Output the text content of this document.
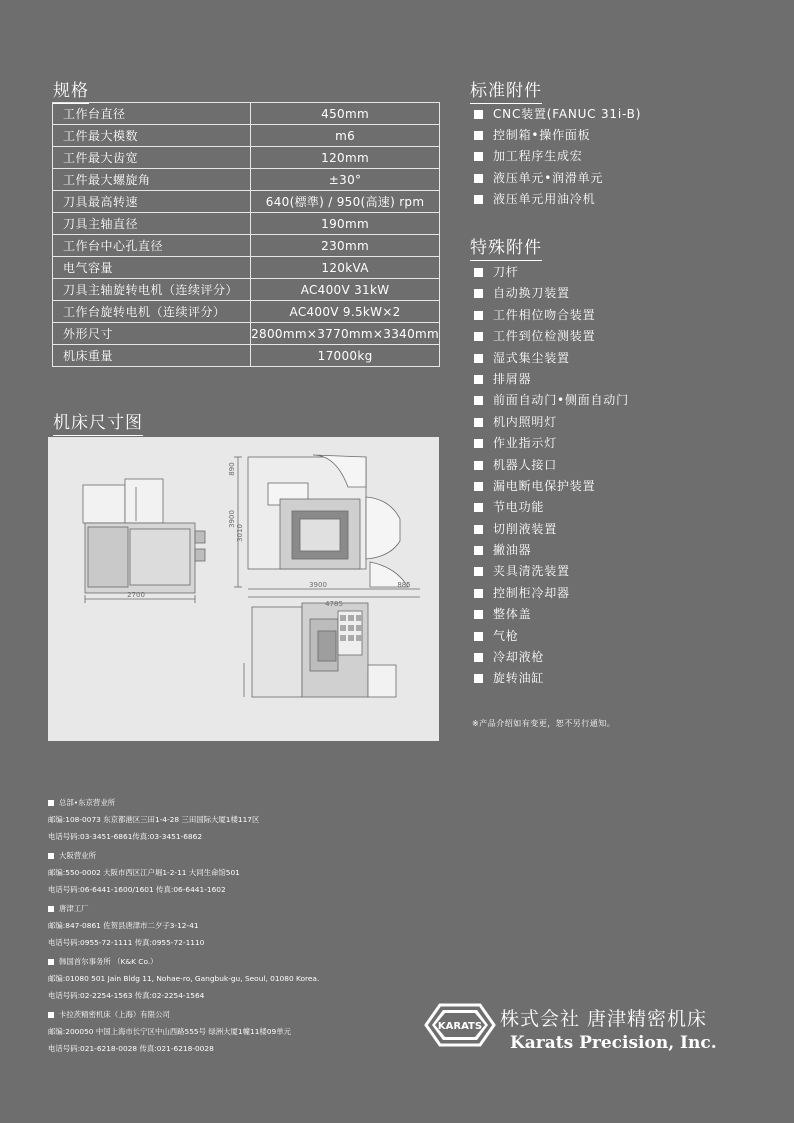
规格
工作台直径	450mm
工件最大模数	m6
工件最大齿宽	120mm
工件最大螺旋角	±30°
刀具最高转速	640(標準) / 950(高速) rpm
刀具主轴直径	190mm
工作台中心孔直径	230mm
电气容量	120kVA
刀具主轴旋转电机（连续评分）	AC400V 31kW
工作台旋转电机（连续评分）	AC400V 9.5kW×2
外形尺寸	2800mm×3770mm×3340mm
机床重量	17000kg
标准附件
CNC装置(FANUC 31i-B)
控制箱•操作面板
加工程序生成宏
液压单元•润滑单元
液压单元用油冷机
特殊附件
刀杆
自动换刀装置
工件相位吻合装置
工件到位检测装置
湿式集尘装置
排屑器
前面自动门•侧面自动门
机内照明灯
作业指示灯
机器人接口
漏电断电保护装置
节电功能
切削液装置
撇油器
夹具清洗装置
控制柜冷却器
整体盖
气枪
冷却液枪
旋转油缸
※产品介绍如有变更，恕不另行通知。
机床尺寸图
2700
3900
3010
890
3900	885
4785
总部•东京营业所
邮编:108-0073 东京都港区三田1-4-28 三田国际大厦1楼117区
电话号码:03-3451-6861传真:03-3451-6862
大阪营业所
邮编:550-0002 大阪市西区江户堀1-2-11 大同生命馆501
电话号码:06-6441-1600/1601 传真:06-6441-1602
唐津工厂
邮编:847-0861 佐贺县唐津市二夕子3-12-41
电话号码:0955-72-1111 传真:0955-72-1110
韩国首尔事务所 （K&K Co.）
邮编:01080 501 Jain Bldg 11, Nohae-ro, Gangbuk-gu, Seoul, 01080 Korea.
电话号码:02-2254-1563 传真:02-2254-1564
卡拉茨精密机床（上海）有限公司
邮编:200050 中国上海市长宁区中山西路555号 绿洲大厦1幢11楼09单元
电话号码:021-6218-0028 传真:021-6218-0028
KARATS 株式会社 唐津精密机床
Karats Precision, Inc.
